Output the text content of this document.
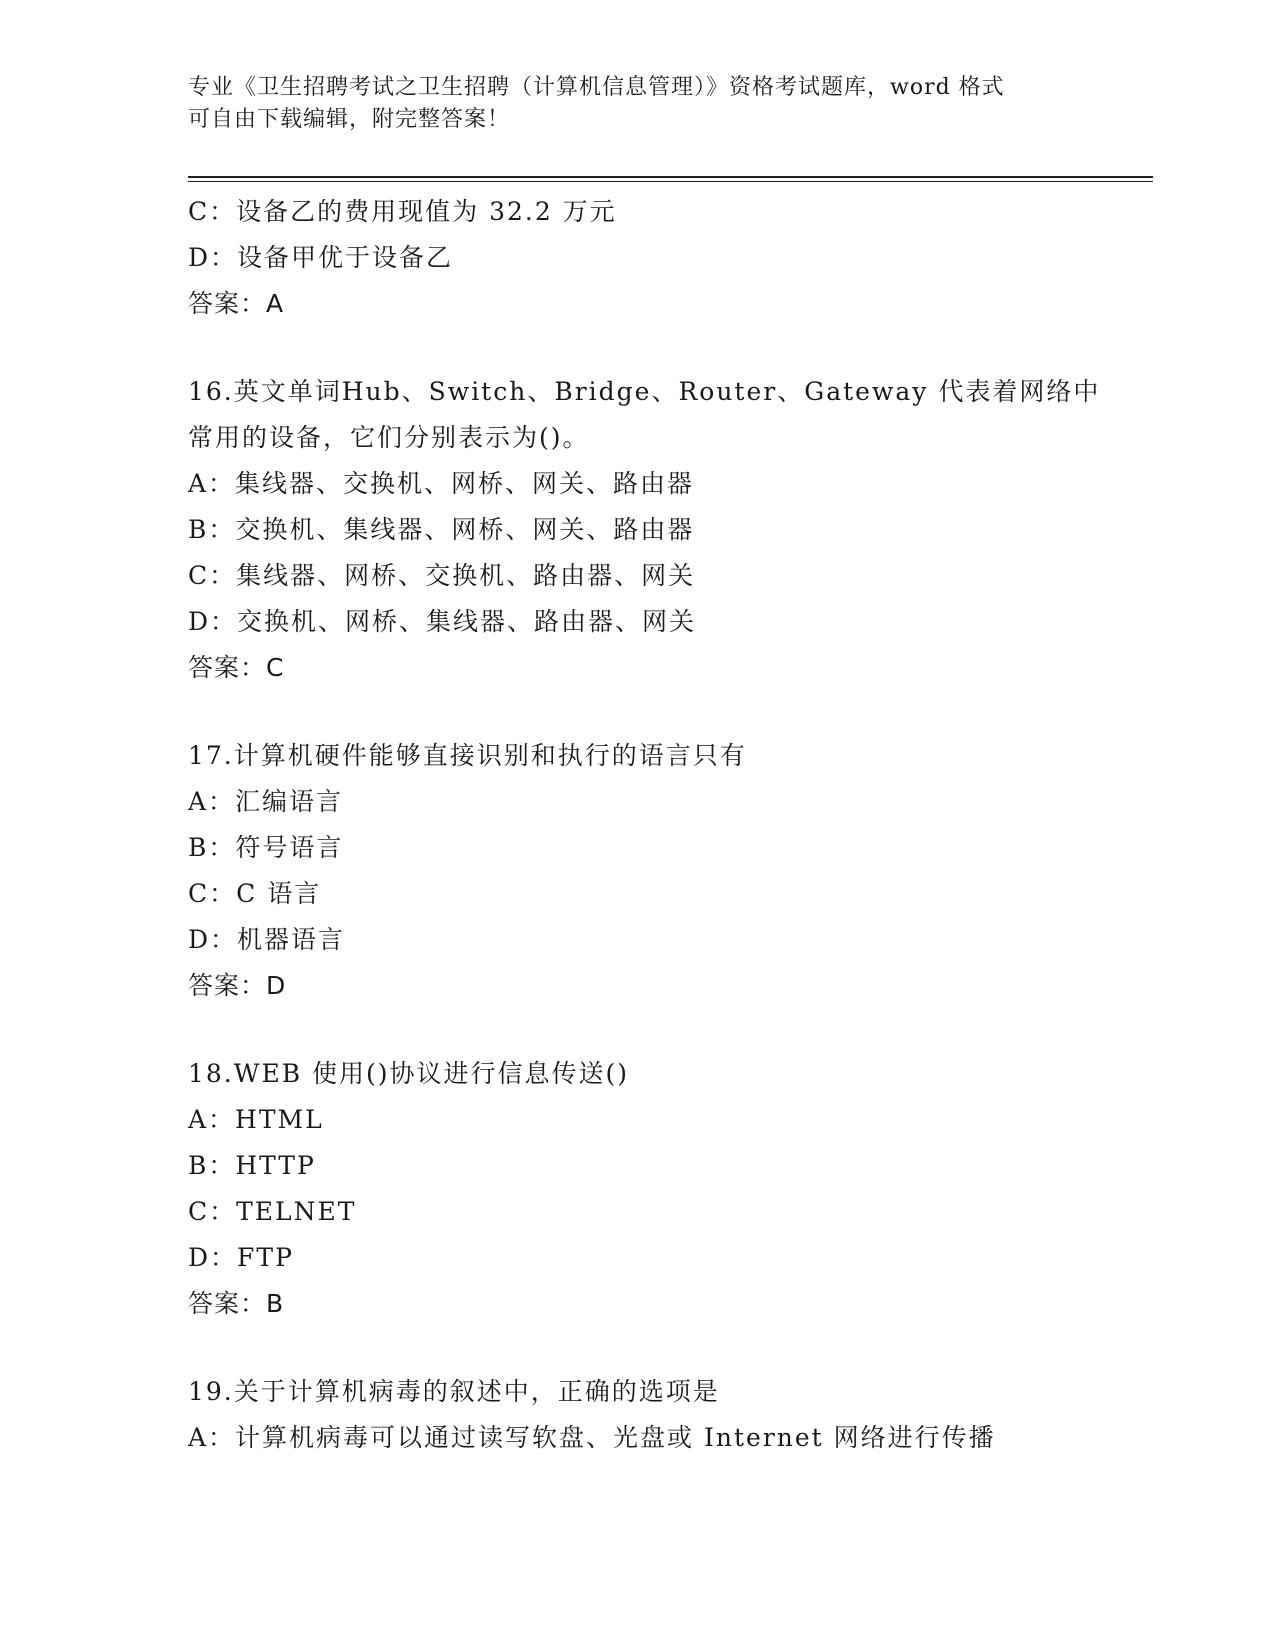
专业《卫生招聘考试之卫生招聘（计算机信息管理）》资格考试题库，word 格式
可自由下载编辑，附完整答案！
C：设备乙的费用现值为 32.2 万元
D：设备甲优于设备乙
答案：A
16.英文单词Hub、Switch、Bridge、Router、Gateway 代表着网络中
常用的设备，它们分别表示为()。
A：集线器、交换机、网桥、网关、路由器
B：交换机、集线器、网桥、网关、路由器
C：集线器、网桥、交换机、路由器、网关
D：交换机、网桥、集线器、路由器、网关
答案：C
17.计算机硬件能够直接识别和执行的语言只有
A：汇编语言
B：符号语言
C：C 语言
D：机器语言
答案：D
18.WEB 使用()协议进行信息传送()
A：HTML
B：HTTP
C：TELNET
D：FTP
答案：B
19.关于计算机病毒的叙述中，正确的选项是
A：计算机病毒可以通过读写软盘、光盘或 Internet 网络进行传播
